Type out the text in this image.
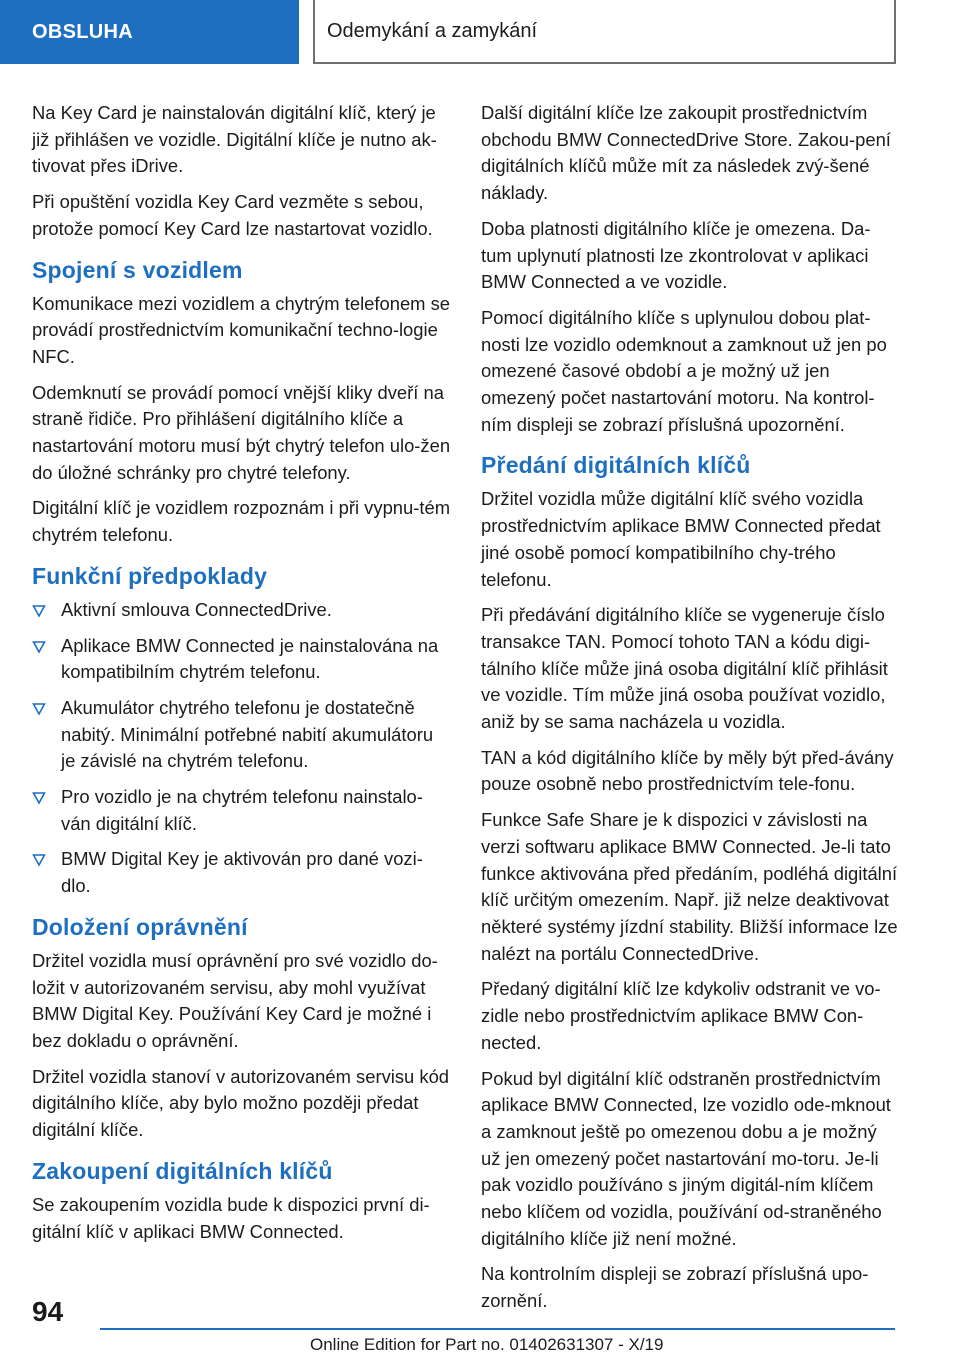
OBSLUHA	Odemykání a zamykání

Na Key Card je nainstalován digitální klíč, který je již přihlášen ve vozidle. Digitální klíče je nutno ak-tivovat přes iDrive.

Při opuštění vozidla Key Card vezměte s sebou, protože pomocí Key Card lze nastartovat vozidlo.

Spojení s vozidlem

Komunikace mezi vozidlem a chytrým telefonem se provádí prostřednictvím komunikační techno-logie NFC.

Odemknutí se provádí pomocí vnější kliky dveří na straně řidiče. Pro přihlášení digitálního klíče a nastartování motoru musí být chytrý telefon ulo-žen do úložné schránky pro chytré telefony.

Digitální klíč je vozidlem rozpoznám i při vypnu-tém chytrém telefonu.

Funkční předpoklady
Aktivní smlouva ConnectedDrive.
Aplikace BMW Connected je nainstalována na kompatibilním chytrém telefonu.
Akumulátor chytrého telefonu je dostatečně nabitý. Minimální potřebné nabití akumulátoru je závislé na chytrém telefonu.
Pro vozidlo je na chytrém telefonu nainstalo-ván digitální klíč.
BMW Digital Key je aktivován pro dané vozi-dlo.
Doložení oprávnění

Držitel vozidla musí oprávnění pro své vozidlo do-ložit v autorizovaném servisu, aby mohl využívat BMW Digital Key. Používání Key Card je možné i bez dokladu o oprávnění.

Držitel vozidla stanoví v autorizovaném servisu kód digitálního klíče, aby bylo možno později předat digitální klíče.

Zakoupení digitálních klíčů

Se zakoupením vozidla bude k dispozici první di-gitální klíč v aplikaci BMW Connected.

Další digitální klíče lze zakoupit prostřednictvím obchodu BMW ConnectedDrive Store. Zakou-pení digitálních klíčů může mít za následek zvý-šené náklady.

Doba platnosti digitálního klíče je omezena. Da-tum uplynutí platnosti lze zkontrolovat v aplikaci BMW Connected a ve vozidle.

Pomocí digitálního klíče s uplynulou dobou plat-nosti lze vozidlo odemknout a zamknout už jen po omezené časové období a je možný už jen omezený počet nastartování motoru. Na kontrol-ním displeji se zobrazí příslušná upozornění.

Předání digitálních klíčů

Držitel vozidla může digitální klíč svého vozidla prostřednictvím aplikace BMW Connected předat jiné osobě pomocí kompatibilního chy-trého telefonu.

Při předávání digitálního klíče se vygeneruje číslo transakce TAN. Pomocí tohoto TAN a kódu digi-tálního klíče může jiná osoba digitální klíč přihlásit ve vozidle. Tím může jiná osoba používat vozidlo, aniž by se sama nacházela u vozidla.

TAN a kód digitálního klíče by měly být před-ávány pouze osobně nebo prostřednictvím tele-fonu.

Funkce Safe Share je k dispozici v závislosti na verzi softwaru aplikace BMW Connected. Je-li tato funkce aktivována před předáním, podléhá digitální klíč určitým omezením. Např. již nelze deaktivovat některé systémy jízdní stability. Bližší informace lze nalézt na portálu ConnectedDrive.

Předaný digitální klíč lze kdykoliv odstranit ve vo-zidle nebo prostřednictvím aplikace BMW Con-nected.

Pokud byl digitální klíč odstraněn prostřednictvím aplikace BMW Connected, lze vozidlo ode-mknout a zamknout ještě po omezenou dobu a je možný už jen omezený počet nastartování mo-toru. Je-li pak vozidlo používáno s jiným digitál-ním klíčem nebo klíčem od vozidla, používání od-straněného digitálního klíče již není možné.

Na kontrolním displeji se zobrazí příslušná upo-zornění.

94
Online Edition for Part no. 01402631307 - X/19
